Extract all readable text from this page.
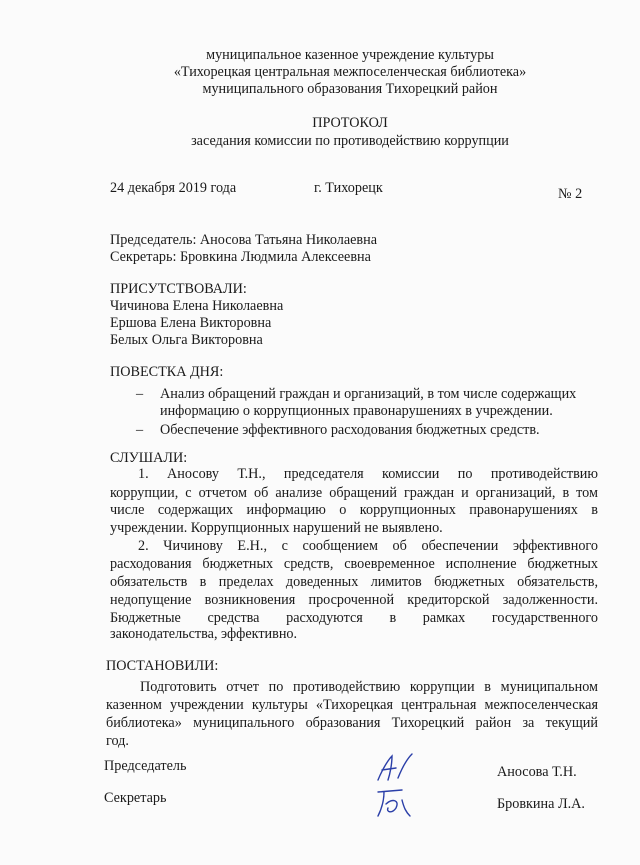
муниципальное казенное учреждение культуры
«Тихорецкая центральная межпоселенческая библиотека»
муниципального образования Тихорецкий район
ПРОТОКОЛ
заседания комиссии по противодействию коррупции
24 декабря 2019 года	г. Тихорецк	№ 2
Председатель: Аносова Татьяна Николаевна
Секретарь: Бровкина Людмила Алексеевна
ПРИСУТСТВОВАЛИ:
Чичинова Елена Николаевна
Ершова Елена Викторовна
Белых Ольга Викторовна
ПОВЕСТКА ДНЯ:
– Анализ обращений граждан и организаций, в том числе содержащих
информацию о коррупционных правонарушениях в учреждении.
– Обеспечение эффективного расходования бюджетных средств.
СЛУШАЛИ:
1. Аносову Т.Н., председателя комиссии по противодействию
коррупции, с отчетом об анализе обращений граждан и организаций, в том
числе содержащих информацию о коррупционных правонарушениях в
учреждении. Коррупционных нарушений не выявлено.
2. Чичинову Е.Н., с сообщением об обеспечении эффективного
расходования бюджетных средств, своевременное исполнение бюджетных
обязательств в пределах доведенных лимитов бюджетных обязательств,
недопущение возникновения просроченной кредиторской задолженности.
Бюджетные средства расходуются в рамках государственного
законодательства, эффективно.
ПОСТАНОВИЛИ:
Подготовить отчет по противодействию коррупции в муниципальном
казенном учреждении культуры «Тихорецкая центральная межпоселенческая
библиотека» муниципального образования Тихорецкий район за текущий
год.
Председатель	Аносова Т.Н.
Секретарь	Бровкина Л.А.
